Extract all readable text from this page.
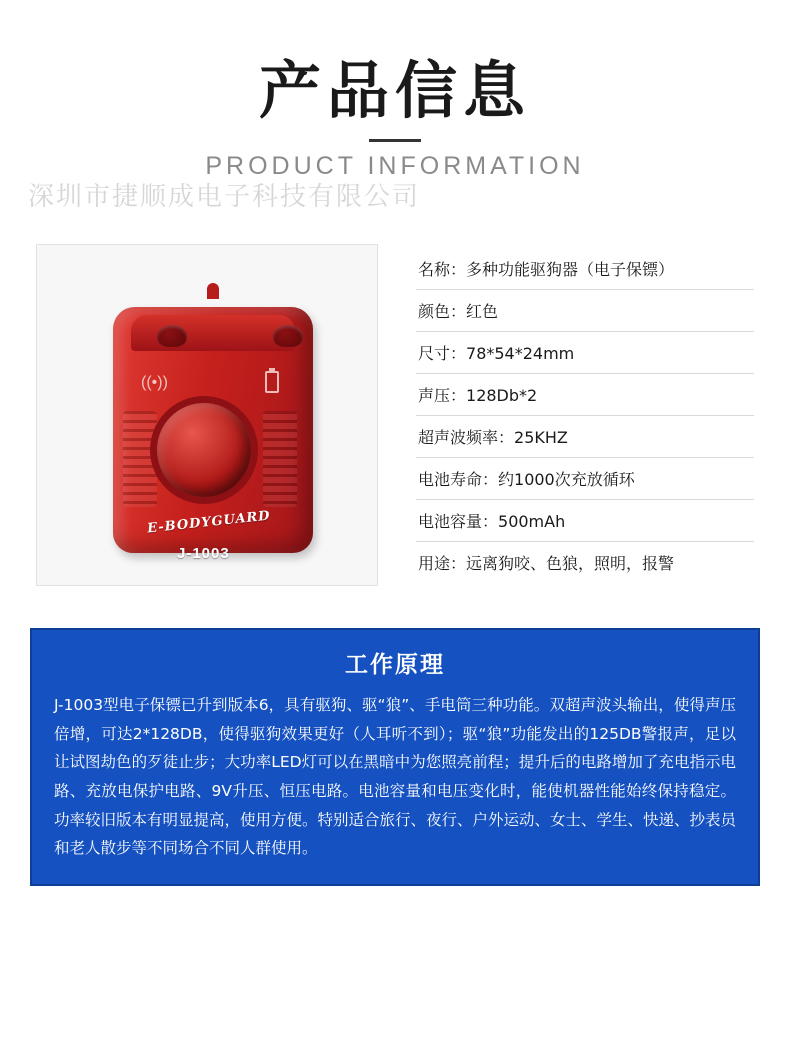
产品信息
PRODUCT INFORMATION
深圳市捷顺成电子科技有限公司
((•))
E-BODYGUARD
J-1003
名称：多种功能驱狗器（电子保镖）
颜色：红色
尺寸：78*54*24mm
声压：128Db*2
超声波频率：25KHZ
电池寿命：约1000次充放循环
电池容量：500mAh
用途：远离狗咬、色狼，照明，报警
工作原理
J-1003型电子保镖已升到版本6，具有驱狗、驱“狼”、手电筒三种功能。双超声波头输出，使得声压倍增，可达2*128DB，使得驱狗效果更好（人耳听不到）；驱“狼”功能发出的125DB警报声，足以让试图劫色的歹徒止步；大功率LED灯可以在黑暗中为您照亮前程；提升后的电路增加了充电指示电路、充放电保护电路、9V升压、恒压电路。电池容量和电压变化时，能使机器性能始终保持稳定。功率较旧版本有明显提高，使用方便。特别适合旅行、夜行、户外运动、女士、学生、快递、抄表员和老人散步等不同场合不同人群使用。
